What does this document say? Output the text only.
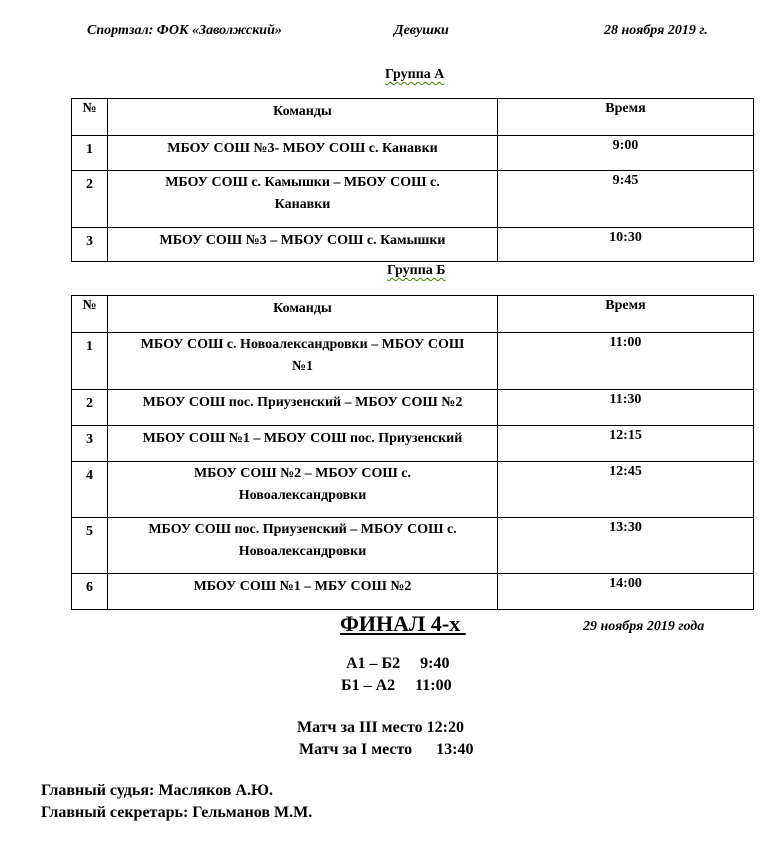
Спортзал: ФОК «Заволжский»	Девушки	28 ноября 2019 г.
Группа А
№	Команды	Время
1	МБОУ СОШ №3- МБОУ СОШ с. Канавки	9:00
2	МБОУ СОШ с. Камышки – МБОУ СОШ с.
Канавки	9:45
3	МБОУ СОШ №3 – МБОУ СОШ с. Камышки	10:30
Группа Б
№	Команды	Время
1	МБОУ СОШ с. Новоалександровки – МБОУ СОШ
№1	11:00
2	МБОУ СОШ пос. Приузенский – МБОУ СОШ №2	11:30
3	МБОУ СОШ №1 – МБОУ СОШ пос. Приузенский	12:15
4	МБОУ СОШ №2 – МБОУ СОШ с.
Новоалександровки	12:45
5	МБОУ СОШ пос. Приузенский – МБОУ СОШ с.
Новоалександровки	13:30
6	МБОУ СОШ №1 – МБУ СОШ №2	14:00
ФИНАЛ 4-х	29 ноября 2019 года
А1 – Б2     9:40
Б1 – А2     11:00
Матч за III место 12:20
Матч за I место      13:40
Главный судья: Масляков А.Ю.
Главный секретарь: Гельманов М.М.
